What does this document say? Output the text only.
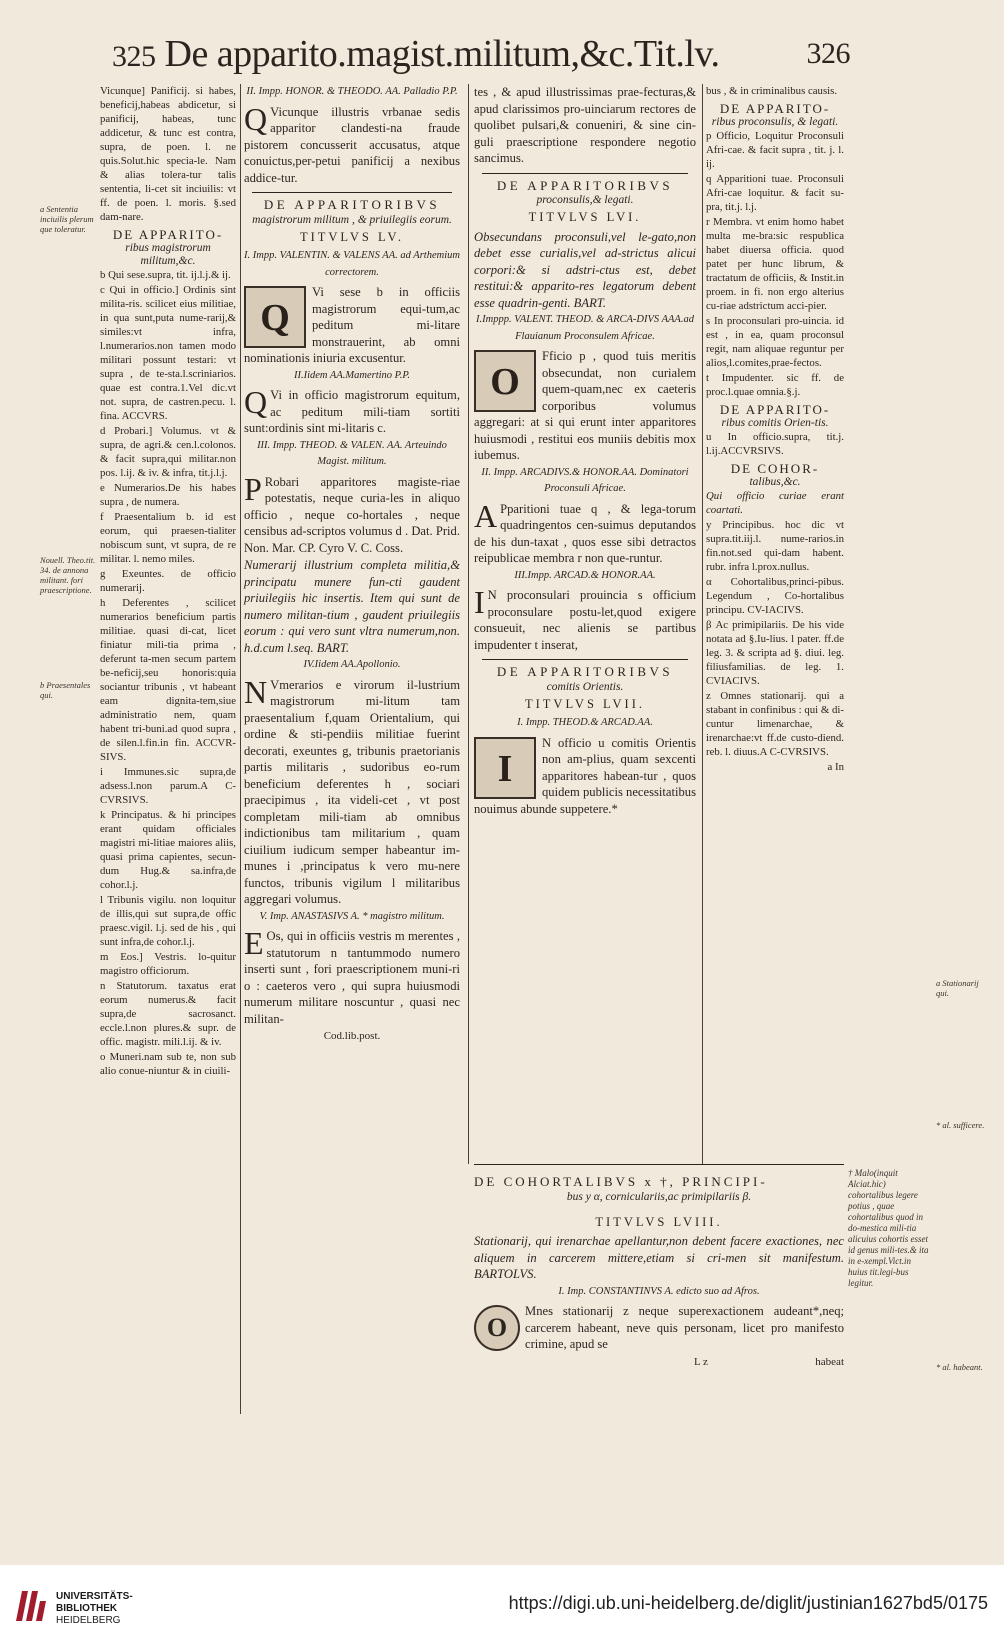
325 De apparito.magist.militum,&c.Tit.lv.	326
a Sententia inciuilis plerum que toleratur.
Nouell. Theo.tit. 34. de annona militant. fori praescriptione.
b Praesentales qui.
a Stationarij qui.
* al. sufficere.
* al. habeant.

Vicunque] Panificij. si habes, beneficij,habeas abdicetur, si panificij, habeas, tunc addicetur, & tunc est contra, supra, de poen. l. ne quis.Solut.hic specia-le. Nam & alias tolera-tur talis sententia, li-cet sit inciuilis: vt ff. de poen. l. moris. §.sed dam-nare.

DE APPARITO-
ribus magistrorum militum,&c.

b Qui sese.supra, tit. ij.l.j.& ij.

c Qui in officio.] Ordinis sint milita-ris. scilicet eius militiae, in qua sunt,puta nume-rarij,& similes:vt infra, l.numerarios.non tamen modo militari possunt testari: vt supra , de te-sta.l.scriniarios. quae est contra.1.Vel dic.vt not. supra, de castren.pecu. l. fina. ACCVRS.

d Probari.] Volumus. vt & supra, de agri.& cen.l.colonos. & facit supra,qui militar.non pos. l.ij. & iv. & infra, tit.j.l.j.

e Numerarios.De his habes supra , de numera.

f Praesentalium b. id est eorum, qui praesen-tialiter nobiscum sunt, vt supra, de re militar. l. nemo miles.

g Exeuntes. de officio numerarij.

h Deferentes , scilicet numerarios beneficium partis militiae. quasi di-cat, licet finiatur mili-tia prima , deferunt ta-men secum partem be-neficij,seu honoris:quia sociantur tribunis , vt habeant eam dignita-tem,siue administratio nem, quam habent tri-buni.ad quod supra , de silen.l.fin.in fin. ACCVR-SIVS.

i Immunes.sic supra,de adsess.l.non parum.A C-CVRSIVS.

k Principatus. & hi principes erant quidam officiales magistri mi-litiae maiores aliis, quasi prima capientes, secun-dum Hug.& sa.infra,de cohor.l.j.

l Tribunis vigilu. non loquitur de illis,qui sut supra,de offic praesc.vigil. l.j. sed de his , qui sunt infra,de cohor.l.j.

m Eos.] Vestris. lo-quitur magistro officiorum.

n Statutorum. taxatus erat eorum numerus.& facit supra,de sacrosanct. eccle.l.non plures.& supr. de offic. magistr. mili.l.ij. & iv.

o Muneri.nam sub te, non sub alio conue-niuntur & in ciuili-

II. Impp. HONOR. & THEODO. AA. Palladio P.P.

Q Vicunque illustris vrbanae sedis apparitor clandesti-na fraude pistorem concusserit accusatus, atque conuictus,per-petui panificij a nexibus addice-tur.

DE APPARITORIBVS
magistrorum militum , & priuilegiis eorum.
TITVLVS LV.
I. Impp. VALENTIN. & VALENS AA. ad Arthemium correctorem.

Q
Vi sese b in officiis magistrorum equi-tum,ac peditum mi-litare monstrauerint, ab omni nominationis iniuria excusentur.

II.Iidem AA.Mamertino P.P.

Q Vi in officio magistrorum equitum, ac peditum mili-tiam sortiti sunt:ordinis sint mi-litaris c.

III. Impp. THEOD. & VALEN. AA. Arteuindo Magist. militum.

P Robari apparitores magiste-riae potestatis, neque curia-les in aliquo officio , neque co-hortales , neque censibus ad-scriptos volumus d . Dat. Prid. Non. Mar. CP. Cyro V. C. Coss.

Numerarij illustrium completa militia,& principatu munere fun-cti gaudent priuilegiis hic insertis. Item qui sunt de numero militan-tium , gaudent priuilegiis eorum : qui vero sunt vltra numerum,non. h.d.cum l.seq. BART.

IV.Iidem AA.Apollonio.

N Vmerarios e virorum il-lustrium magistrorum mi-litum tam praesentalium f,quam Orientalium, qui ordine & sti-pendiis militiae fuerint decorati, exeuntes g, tribunis praetorianis partis militaris , sudoribus eo-rum beneficium deferentes h , sociari praecipimus , ita videli-cet , vt post completam mili-tiam ab omnibus indictionibus tam militarium , quam ciuilium iudicum semper habeantur im-munes i ,principatus k vero mu-nere functos, tribunis vigilum l militaribus aggregari volumus.

V. Imp. ANASTASIVS A. * magistro militum.

E Os, qui in officiis vestris m merentes , statutorum n tantummodo numero inserti sunt , fori praescriptionem muni-ri o : caeteros vero , qui supra huiusmodi numerum militare noscuntur , quasi nec militan-

Cod.lib.post.

tes , & apud illustrissimas prae-fecturas,& apud clarissimos pro-uinciarum rectores de quolibet pulsari,& conueniri, & sine cin-guli praescriptione respondere negotio sancimus.

DE APPARITORIBVS
proconsulis,& legati.
TITVLVS LVI.

Obsecundans proconsuli,vel le-gato,non debet esse curialis,vel ad-strictus alicui corpori:& si adstri-ctus est, debet restitui:& apparito-res legatorum debent esse quadrin-genti. BART.

I.Imppp. VALENT. THEOD. & ARCA-DIVS AAA.ad Flauianum Proconsulem Africae.

O
Fficio p , quod tuis meritis obsecundat, non curialem quem-quam,nec ex caeteris corporibus volumus aggregari: at si qui erunt inter apparitores huiusmodi , restitui eos muniis debitis mox iubemus.

II. Impp. ARCADIVS.& HONOR.AA. Dominatori Proconsuli Africae.

A Pparitioni tuae q , & lega-torum quadringentos cen-suimus deputandos de his dun-taxat , quos esse sibi detractos reipublicae membra r non que-runtur.

III.Impp. ARCAD.& HONOR.AA.

I N proconsulari prouincia s officium proconsulare postu-let,quod exigere consueuit, nec alienis se partibus impudenter t inserat,

DE APPARITORIBVS
comitis Orientis.
TITVLVS LVII.
I. Impp. THEOD.& ARCAD.AA.

I
N officio u comitis Orientis non am-plius, quam sexcenti apparitores habean-tur , quos quidem publicis necessitatibus nouimus abunde suppetere.*

bus , & in criminalibus causis.

DE APPARITO-
ribus proconsulis, & legati.

p Officio, Loquitur Proconsuli Afri-cae. & facit supra , tit. j. l. ij.

q Apparitioni tuae. Proconsuli Afri-cae loquitur. & facit su-pra, tit.j. l.j.

r Membra. vt enim homo habet multa me-bra:sic respublica habet diuersa officia. quod patet per hunc librum, & tractatum de officiis, & Instit.in proem. in fi. non ergo alterius cu-riae adstrictum acci-pier.

s In proconsulari pro-uincia. id est , in ea, quam proconsul regit, nam aliquae reguntur per alios,l.comites,prae-fectos.

t Impudenter. sic ff. de proc.l.quae omnia.§.j.

DE APPARITO-
ribus comitis Orien-tis.

u In officio.supra, tit.j. l.ij.ACCVRSIVS.

DE COHOR-
talibus,&c.

Qui officio curiae erant coartati.

y Principibus. hoc dic vt supra.tit.iij.l. nume-rarios.in fin.not.sed qui-dam habent. rubr. infra l.prox.nullus.

α Cohortalibus,princi-pibus. Legendum , Co-hortalibus principu. CV-IACIVS.

β Ac primipilariis. De his vide notata ad §.Iu-lius. l pater. ff.de leg. 3. & scripta ad §. diui. leg. filiusfamilias. de leg. 1. CVIACIVS.

z Omnes stationarij. qui a stabant in confinibus : qui & di-cuntur limenarchae, & irenarchae:vt ff.de custo-diend. reb. l. diuus.A C-CVRSIVS.

a In

DE COHORTALIBVS x †, PRINCIPI-
bus y α, corniculariis,ac primipilariis β.
TITVLVS LVIII.

Stationarij, qui irenarchae apellantur,non debent facere exactiones, nec aliquem in carcerem mittere,etiam si cri-men sit manifestum. BARTOLVS.

I. Imp. CONSTANTINVS A. edicto suo ad Afros.

O
Mnes stationarij z neque superexactionem audeant*,neq; carcerem habeant, neve quis personam, licet pro manifesto crimine, apud se

L z	habeat
† Malo(inquit Alciat.hic) cohortalibus legere potius , quae cohortalibus quod in do-mestica mili-tia alicuius cohortis esset id genus mili-tes.& ita in e-xempl.Vict.in huius tit.legi-bus legitur.
UNIVERSITÄTS-
BIBLIOTHEK
HEIDELBERG
https://digi.ub.uni-heidelberg.de/diglit/justinian1627bd5/0175
